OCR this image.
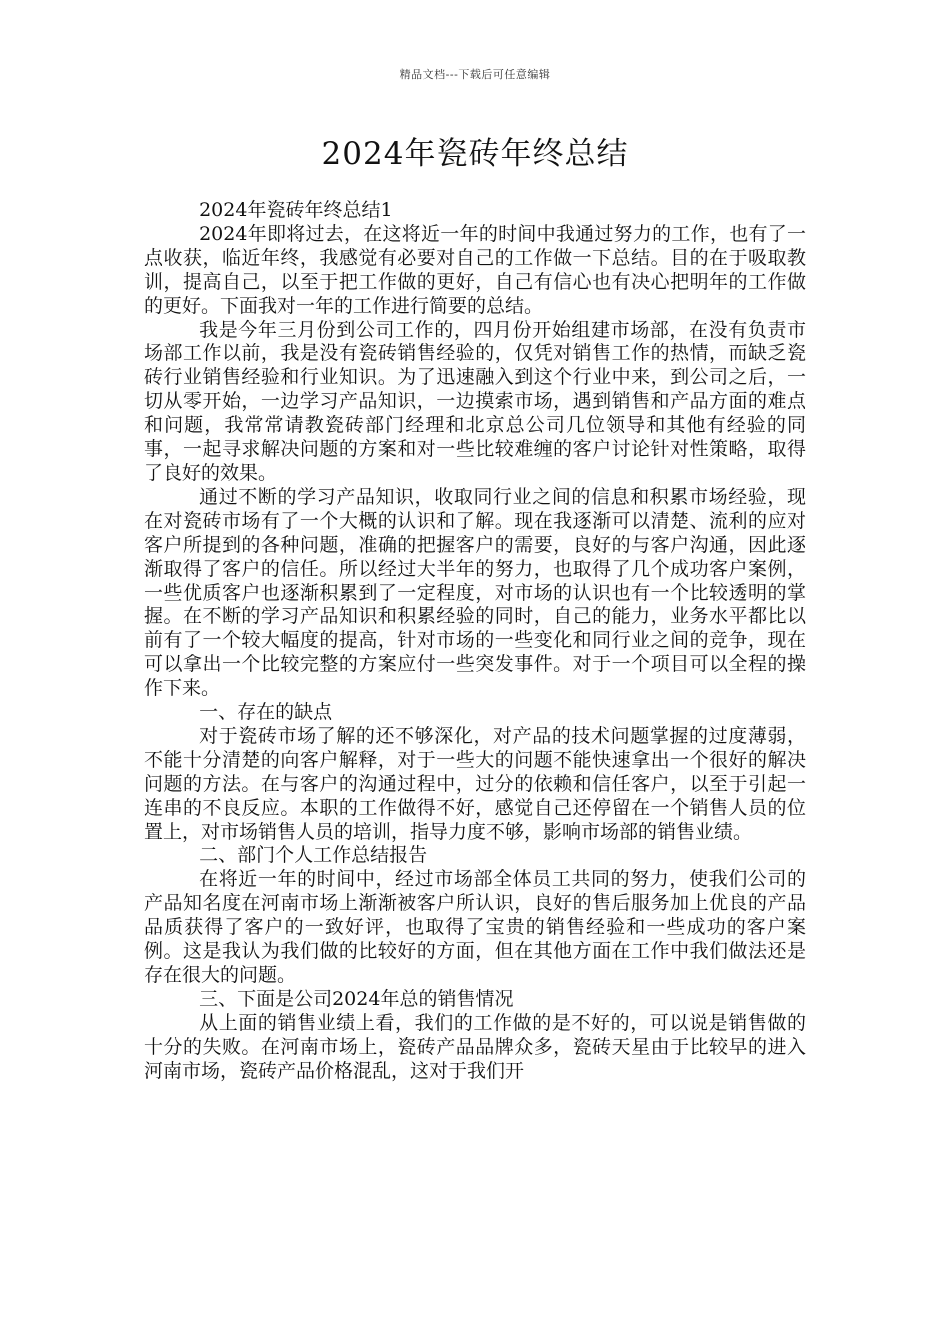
精品文档---下载后可任意编辑
2024年瓷砖年终总结

2024年瓷砖年终总结1

2024年即将过去，在这将近一年的时间中我通过努力的工作，也有了一点收获，临近年终，我感觉有必要对自己的工作做一下总结。目的在于吸取教训，提高自己，以至于把工作做的更好，自己有信心也有决心把明年的工作做的更好。下面我对一年的工作进行简要的总结。

我是今年三月份到公司工作的，四月份开始组建市场部，在没有负责市场部工作以前，我是没有瓷砖销售经验的，仅凭对销售工作的热情，而缺乏瓷砖行业销售经验和行业知识。为了迅速融入到这个行业中来，到公司之后，一切从零开始，一边学习产品知识，一边摸索市场，遇到销售和产品方面的难点和问题，我常常请教瓷砖部门经理和北京总公司几位领导和其他有经验的同事，一起寻求解决问题的方案和对一些比较难缠的客户讨论针对性策略，取得了良好的效果。

通过不断的学习产品知识，收取同行业之间的信息和积累市场经验，现在对瓷砖市场有了一个大概的认识和了解。现在我逐渐可以清楚、流利的应对客户所提到的各种问题，准确的把握客户的需要，良好的与客户沟通，因此逐渐取得了客户的信任。所以经过大半年的努力，也取得了几个成功客户案例，一些优质客户也逐渐积累到了一定程度，对市场的认识也有一个比较透明的掌握。在不断的学习产品知识和积累经验的同时，自己的能力，业务水平都比以前有了一个较大幅度的提高，针对市场的一些变化和同行业之间的竞争，现在可以拿出一个比较完整的方案应付一些突发事件。对于一个项目可以全程的操作下来。

一、存在的缺点

对于瓷砖市场了解的还不够深化，对产品的技术问题掌握的过度薄弱，不能十分清楚的向客户解释，对于一些大的问题不能快速拿出一个很好的解决问题的方法。在与客户的沟通过程中，过分的依赖和信任客户，以至于引起一连串的不良反应。本职的工作做得不好，感觉自己还停留在一个销售人员的位置上，对市场销售人员的培训，指导力度不够，影响市场部的销售业绩。

二、部门个人工作总结报告

在将近一年的时间中，经过市场部全体员工共同的努力，使我们公司的产品知名度在河南市场上渐渐被客户所认识，良好的售后服务加上优良的产品品质获得了客户的一致好评，也取得了宝贵的销售经验和一些成功的客户案例。这是我认为我们做的比较好的方面，但在其他方面在工作中我们做法还是存在很大的问题。

三、下面是公司2024年总的销售情况

从上面的销售业绩上看，我们的工作做的是不好的，可以说是销售做的十分的失败。在河南市场上，瓷砖产品品牌众多，瓷砖天星由于比较早的进入河南市场，瓷砖产品价格混乱，这对于我们开
